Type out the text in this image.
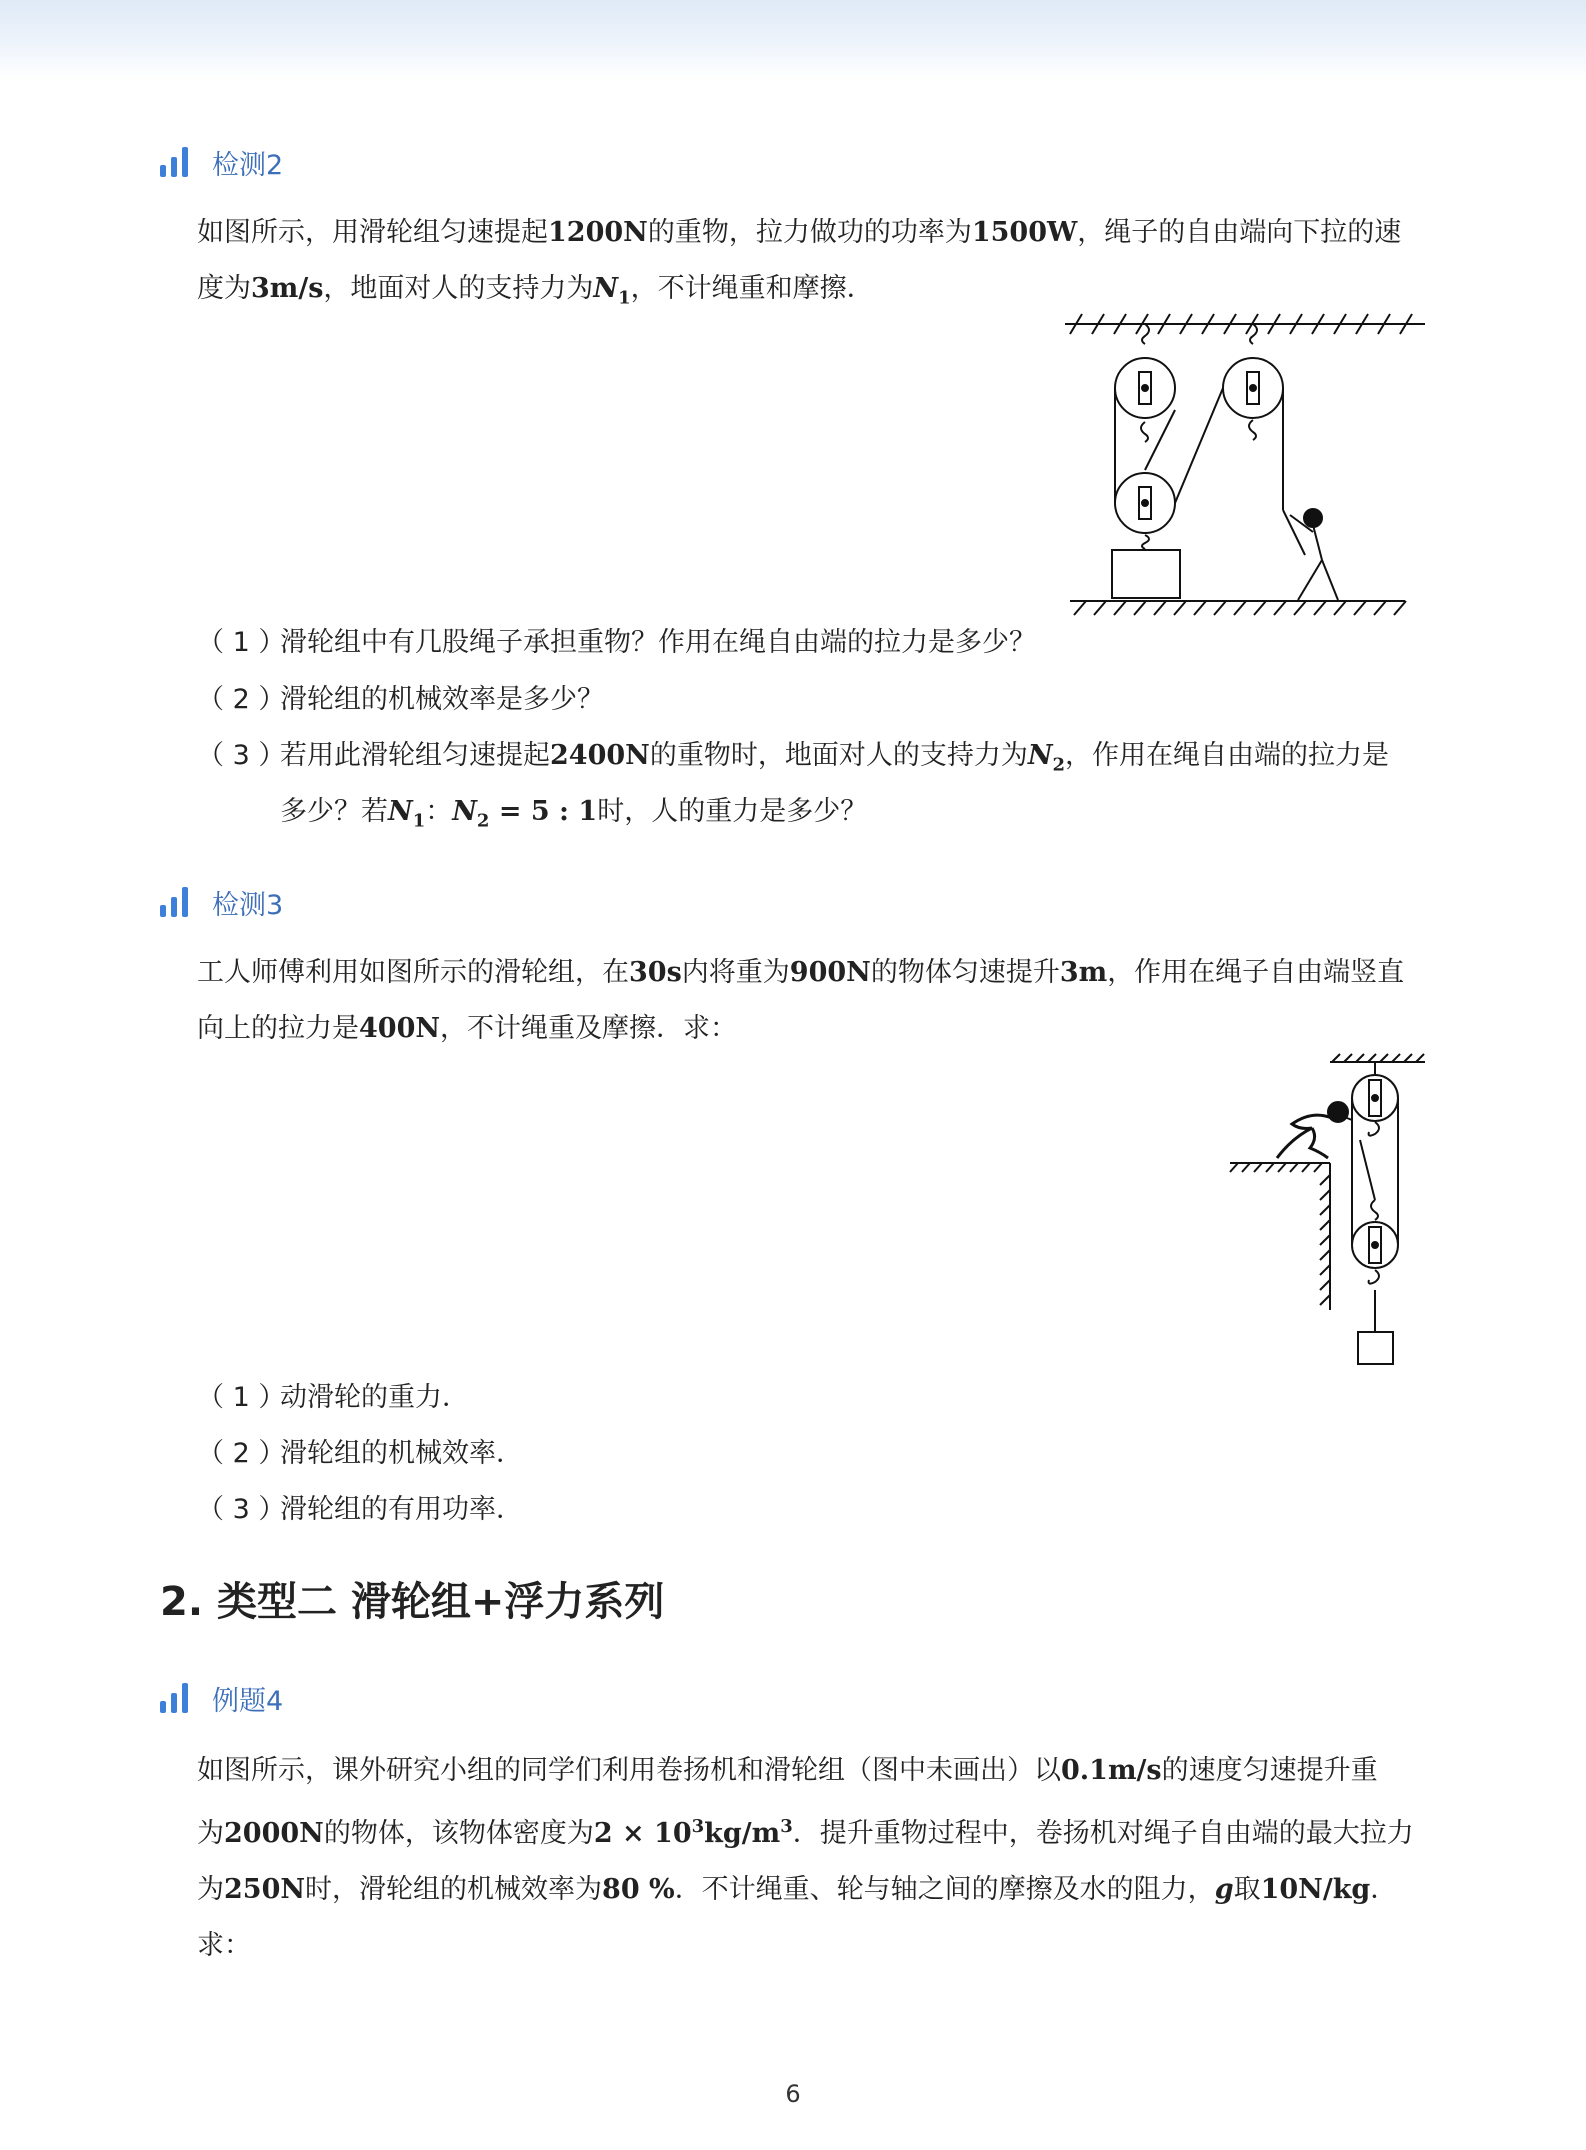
检测2
如图所示，用滑轮组匀速提起1200N的重物，拉力做功的功率为1500W，绳子的自由端向下拉的速
度为3m/s，地面对人的支持力为$N_1$，不计绳重和摩擦．
（ 1 ）滑轮组中有几股绳子承担重物？作用在绳自由端的拉力是多少？
（ 2 ）滑轮组的机械效率是多少？
（ 3 ）若用此滑轮组匀速提起2400N的重物时，地面对人的支持力为$N_2$，作用在绳自由端的拉力是
多少？若$N_1$：$N_2 = 5$ : 1时，人的重力是多少？
检测3
工人师傅利用如图所示的滑轮组，在30s内将重为900N的物体匀速提升3m，作用在绳子自由端竖直
向上的拉力是400N，不计绳重及摩擦．求：
（ 1 ）动滑轮的重力．
（ 2 ）滑轮组的机械效率．
（ 3 ）滑轮组的有用功率．
2. 类型二 滑轮组+浮力系列
例题4
如图所示，课外研究小组的同学们利用卷扬机和滑轮组（图中未画出）以0.1m/s的速度匀速提升重
为2000N的物体，该物体密度为$2 \times 10^3kg/m^3$．提升重物过程中，卷扬机对绳子自由端的最大拉力
为250N时，滑轮组的机械效率为80 %．不计绳重、轮与轴之间的摩擦及水的阻力，g取10N/kg．
求：
6
